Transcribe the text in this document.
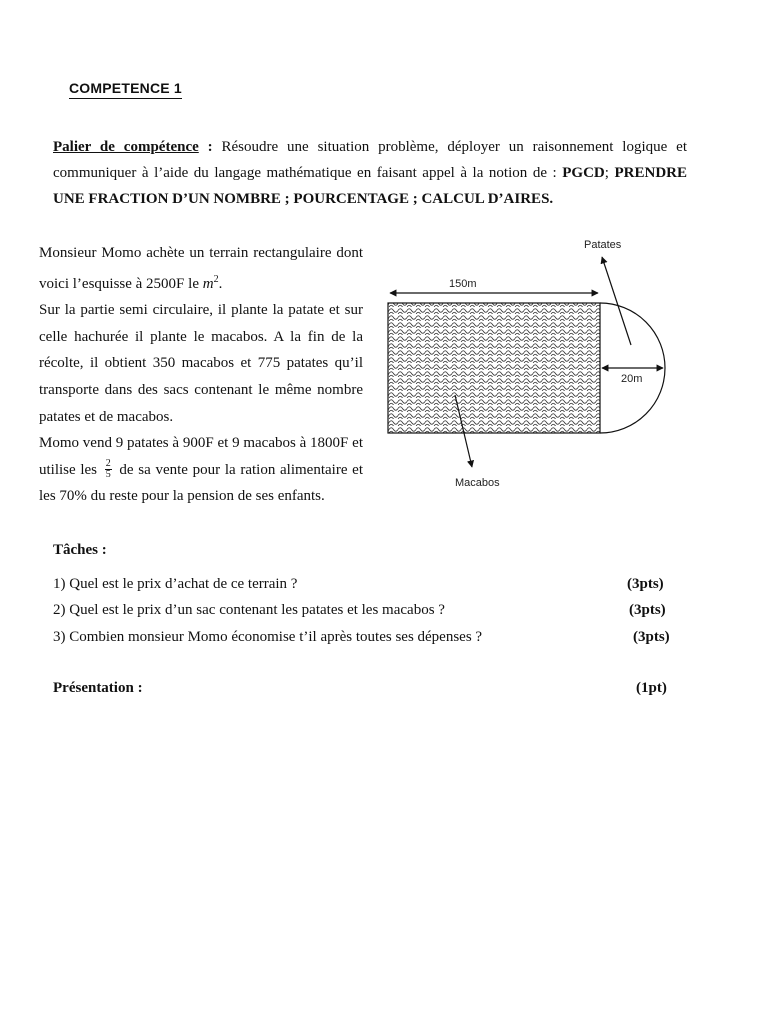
COMPETENCE 1

Palier de compétence : Résoudre une situation problème, déployer un raisonnement logique et communiquer à l’aide du langage mathématique en faisant appel à la notion de : PGCD; PRENDRE UNE FRACTION D’UN NOMBRE ; POURCENTAGE ; CALCUL D’AIRES.

Monsieur Momo achète un terrain rectangulaire dont voici l’esquisse à 2500F le $m^2$.

Sur la partie semi circulaire, il plante la patate et sur celle hachurée il plante le macabos. A la fin de la récolte, il obtient 350 macabos et 775 patates qu’il transporte dans des sacs contenant le même nombre patates et de macabos.

Momo vend 9 patates à 900F et 9 macabos à 1800F et utilise les $\frac{2}{5}$ de sa vente pour la ration alimentaire et les 70% du reste pour la pension de ses enfants.

150m
20m
Patates
Macabos

Tâches :

1) Quel est le prix d’achat de ce terrain ?	(3pts)

2) Quel est le prix d’un sac contenant les patates et les macabos ?	(3pts)

3) Combien monsieur Momo économise t’il après toutes ses dépenses ?	(3pts)

Présentation :	(1pt)
